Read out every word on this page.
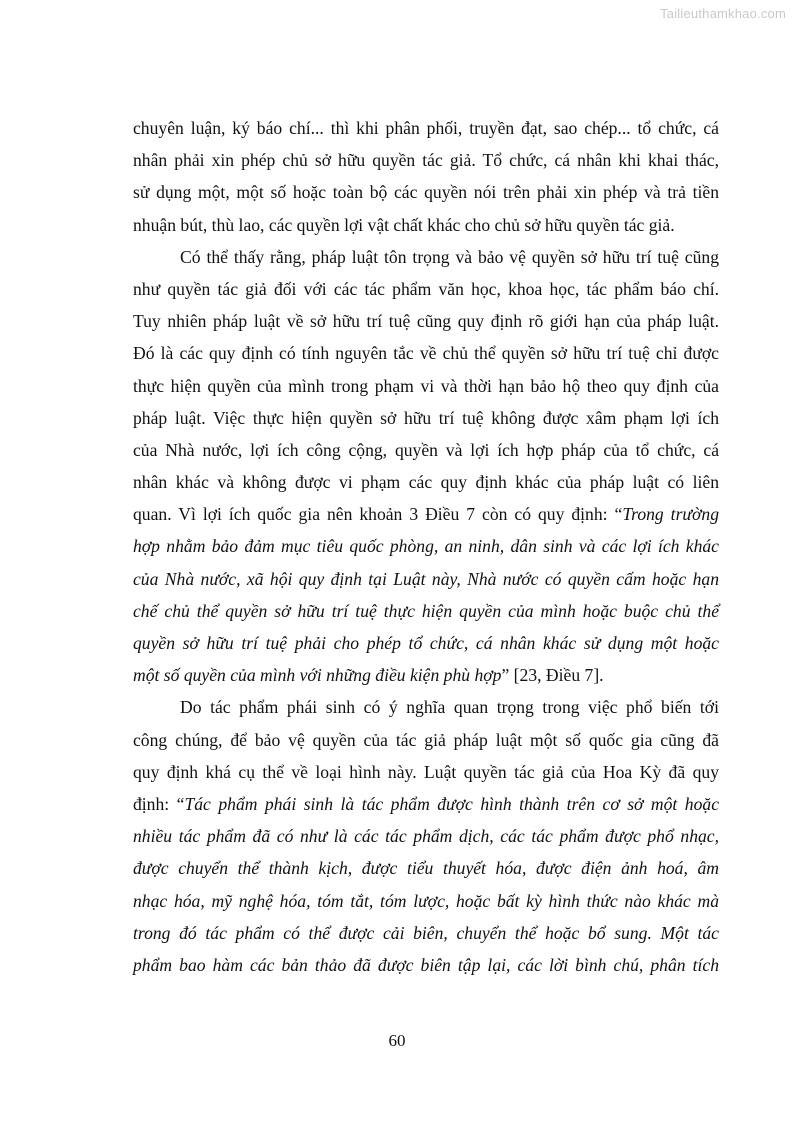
Tailieuthamkhao.com
chuyên luận, ký báo chí... thì khi phân phối, truyền đạt, sao chép... tổ chức, cá
nhân phải xin phép chủ sở hữu quyền tác giả. Tổ chức, cá nhân khi khai thác,
sử dụng một, một số hoặc toàn bộ các quyền nói trên phải xin phép và trả tiền
nhuận bút, thù lao, các quyền lợi vật chất khác cho chủ sở hữu quyền tác giả.
Có thể thấy rằng, pháp luật tôn trọng và bảo vệ quyền sở hữu trí tuệ cũng
như quyền tác giả đối với các tác phẩm văn học, khoa học, tác phẩm báo chí.
Tuy nhiên pháp luật về sở hữu trí tuệ cũng quy định rõ giới hạn của pháp luật.
Đó là các quy định có tính nguyên tắc về chủ thể quyền sở hữu trí tuệ chỉ được
thực hiện quyền của mình trong phạm vi và thời hạn bảo hộ theo quy định của
pháp luật. Việc thực hiện quyền sở hữu trí tuệ không được xâm phạm lợi ích
của Nhà nước, lợi ích công cộng, quyền và lợi ích hợp pháp của tổ chức, cá
nhân khác và không được vi phạm các quy định khác của pháp luật có liên
quan. Vì lợi ích quốc gia nên khoản 3 Điều 7 còn có quy định: “Trong trường
hợp nhằm bảo đảm mục tiêu quốc phòng, an ninh, dân sinh và các lợi ích khác
của Nhà nước, xã hội quy định tại Luật này, Nhà nước có quyền cấm hoặc hạn
chế chủ thể quyền sở hữu trí tuệ thực hiện quyền của mình hoặc buộc chủ thể
quyền sở hữu trí tuệ phải cho phép tổ chức, cá nhân khác sử dụng một hoặc
một số quyền của mình với những điều kiện phù hợp” [23, Điều 7].
Do tác phẩm phái sinh có ý nghĩa quan trọng trong việc phổ biến tới
công chúng, để bảo vệ quyền của tác giả pháp luật một số quốc gia cũng đã
quy định khá cụ thể về loại hình này. Luật quyền tác giả của Hoa Kỳ đã quy
định: “Tác phẩm phái sinh là tác phẩm được hình thành trên cơ sở một hoặc
nhiều tác phẩm đã có như là các tác phẩm dịch, các tác phẩm được phổ nhạc,
được chuyển thể thành kịch, được tiểu thuyết hóa, được điện ảnh hoá, âm
nhạc hóa, mỹ nghệ hóa, tóm tắt, tóm lược, hoặc bất kỳ hình thức nào khác mà
trong đó tác phẩm có thể được cải biên, chuyển thể hoặc bổ sung. Một tác
phẩm bao hàm các bản thảo đã được biên tập lại, các lời bình chú, phân tích
60
